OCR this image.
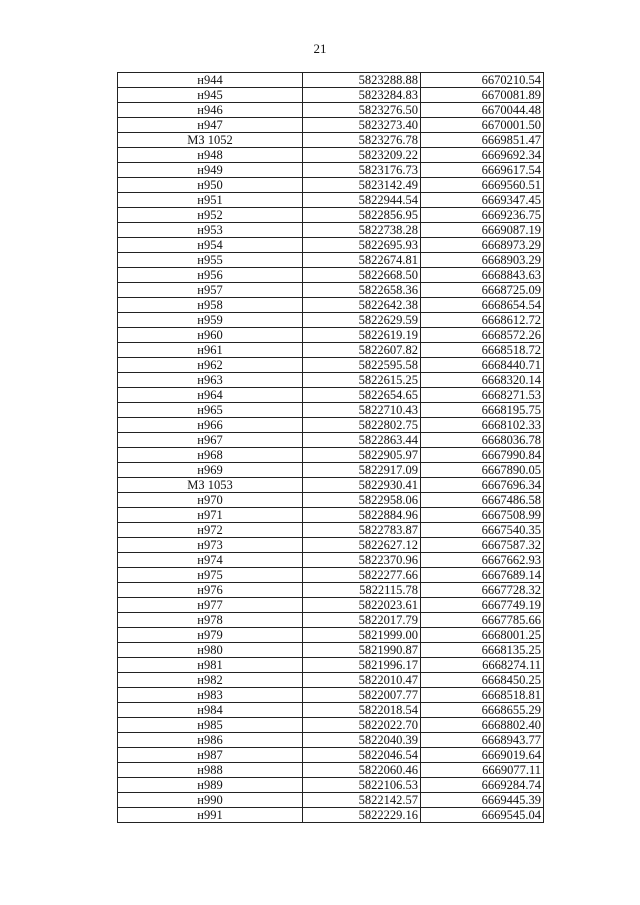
21
н944	5823288.88	6670210.54
н945	5823284.83	6670081.89
н946	5823276.50	6670044.48
н947	5823273.40	6670001.50
МЗ 1052	5823276.78	6669851.47
н948	5823209.22	6669692.34
н949	5823176.73	6669617.54
н950	5823142.49	6669560.51
н951	5822944.54	6669347.45
н952	5822856.95	6669236.75
н953	5822738.28	6669087.19
н954	5822695.93	6668973.29
н955	5822674.81	6668903.29
н956	5822668.50	6668843.63
н957	5822658.36	6668725.09
н958	5822642.38	6668654.54
н959	5822629.59	6668612.72
н960	5822619.19	6668572.26
н961	5822607.82	6668518.72
н962	5822595.58	6668440.71
н963	5822615.25	6668320.14
н964	5822654.65	6668271.53
н965	5822710.43	6668195.75
н966	5822802.75	6668102.33
н967	5822863.44	6668036.78
н968	5822905.97	6667990.84
н969	5822917.09	6667890.05
МЗ 1053	5822930.41	6667696.34
н970	5822958.06	6667486.58
н971	5822884.96	6667508.99
н972	5822783.87	6667540.35
н973	5822627.12	6667587.32
н974	5822370.96	6667662.93
н975	5822277.66	6667689.14
н976	5822115.78	6667728.32
н977	5822023.61	6667749.19
н978	5822017.79	6667785.66
н979	5821999.00	6668001.25
н980	5821990.87	6668135.25
н981	5821996.17	6668274.11
н982	5822010.47	6668450.25
н983	5822007.77	6668518.81
н984	5822018.54	6668655.29
н985	5822022.70	6668802.40
н986	5822040.39	6668943.77
н987	5822046.54	6669019.64
н988	5822060.46	6669077.11
н989	5822106.53	6669284.74
н990	5822142.57	6669445.39
н991	5822229.16	6669545.04
